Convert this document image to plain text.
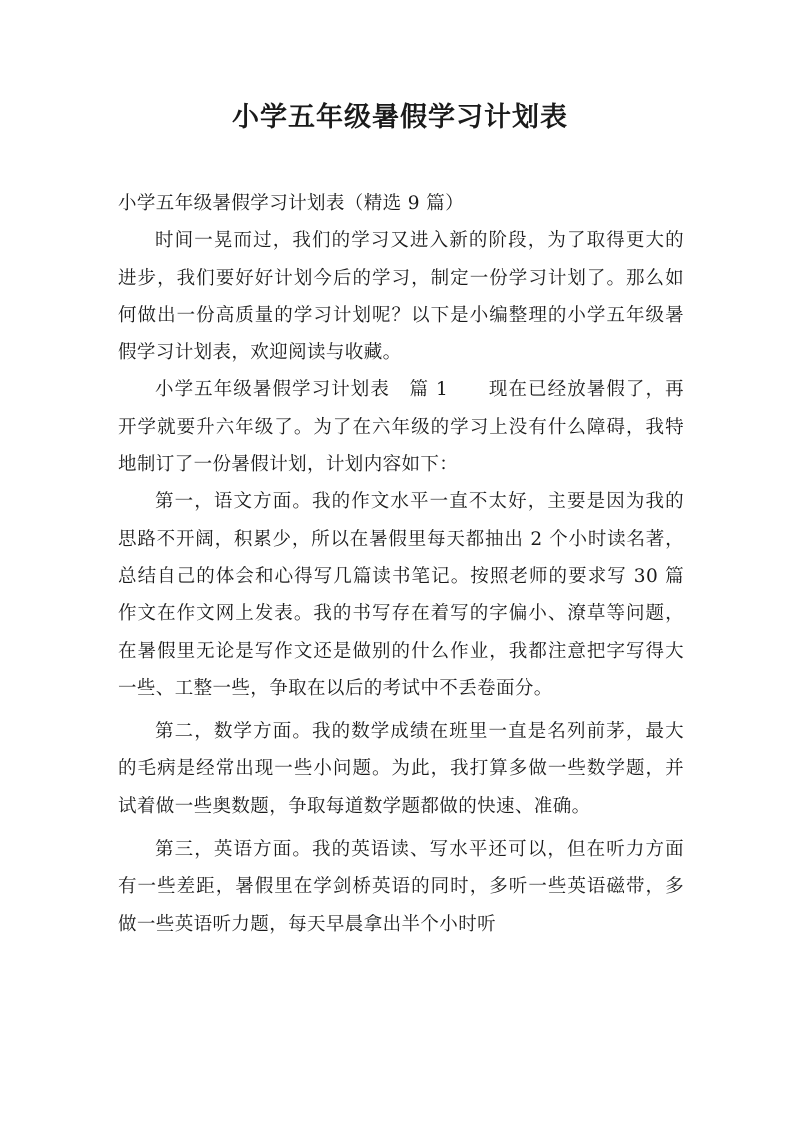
小学五年级暑假学习计划表

小学五年级暑假学习计划表（精选 9 篇）

时间一晃而过，我们的学习又进入新的阶段，为了取得更大的进步，我们要好好计划今后的学习，制定一份学习计划了。那么如何做出一份高质量的学习计划呢？以下是小编整理的小学五年级暑假学习计划表，欢迎阅读与收藏。

小学五年级暑假学习计划表　篇 1 现在已经放暑假了，再开学就要升六年级了。为了在六年级的学习上没有什么障碍，我特地制订了一份暑假计划，计划内容如下：

第一，语文方面。我的作文水平一直不太好，主要是因为我的思路不开阔，积累少，所以在暑假里每天都抽出 2 个小时读名著，总结自己的体会和心得写几篇读书笔记。按照老师的要求写 30 篇作文在作文网上发表。我的书写存在着写的字偏小、潦草等问题，在暑假里无论是写作文还是做别的什么作业，我都注意把字写得大一些、工整一些，争取在以后的考试中不丢卷面分。

第二，数学方面。我的数学成绩在班里一直是名列前茅，最大的毛病是经常出现一些小问题。为此，我打算多做一些数学题，并试着做一些奥数题，争取每道数学题都做的快速、准确。

第三，英语方面。我的英语读、写水平还可以，但在听力方面有一些差距，暑假里在学剑桥英语的同时，多听一些英语磁带，多做一些英语听力题，每天早晨拿出半个小时听
